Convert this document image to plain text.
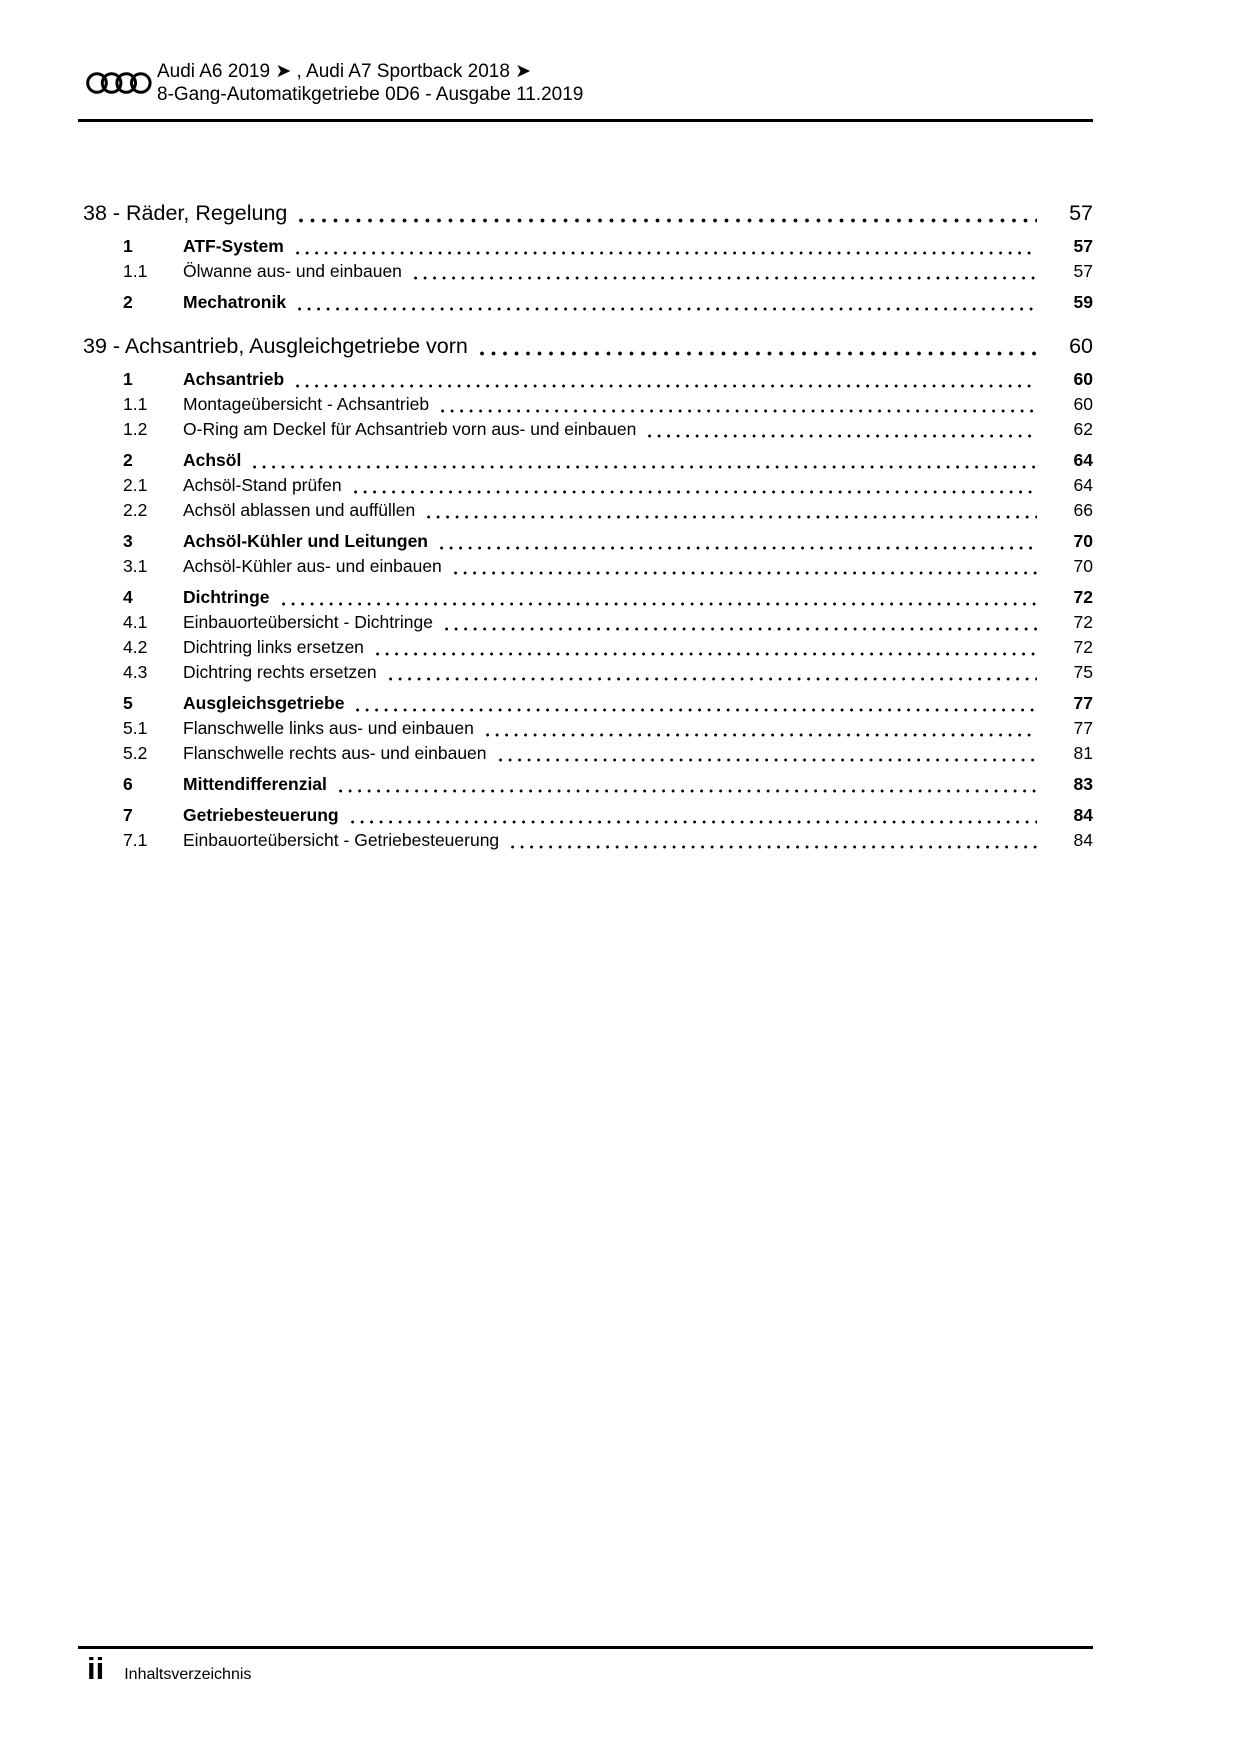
Audi A6 2019 ➤ , Audi A7 Sportback 2018 ➤
8-Gang-Automatikgetriebe 0D6 - Ausgabe 11.2019
38 - Räder, Regelung	57
1	ATF-System	57
1.1	Ölwanne aus- und einbauen	57
2	Mechatronik	59
39 - Achsantrieb, Ausgleichgetriebe vorn	60
1	Achsantrieb	60
1.1	Montageübersicht - Achsantrieb	60
1.2	O-Ring am Deckel für Achsantrieb vorn aus- und einbauen	62
2	Achsöl	64
2.1	Achsöl-Stand prüfen	64
2.2	Achsöl ablassen und auffüllen	66
3	Achsöl-Kühler und Leitungen	70
3.1	Achsöl-Kühler aus- und einbauen	70
4	Dichtringe	72
4.1	Einbauorteübersicht - Dichtringe	72
4.2	Dichtring links ersetzen	72
4.3	Dichtring rechts ersetzen	75
5	Ausgleichsgetriebe	77
5.1	Flanschwelle links aus- und einbauen	77
5.2	Flanschwelle rechts aus- und einbauen	81
6	Mittendifferenzial	83
7	Getriebesteuerung	84
7.1	Einbauorteübersicht - Getriebesteuerung	84
ii Inhaltsverzeichnis
